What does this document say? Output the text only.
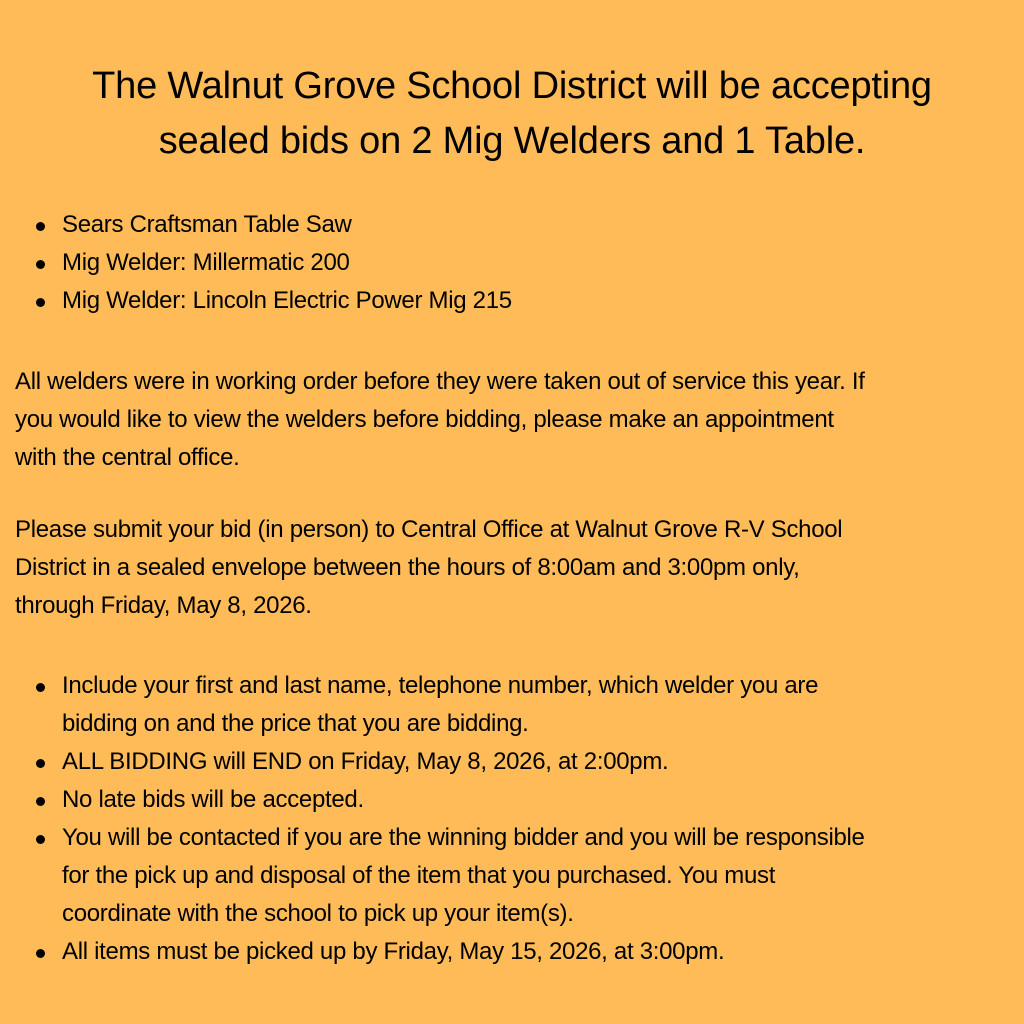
The Walnut Grove School District will be accepting
sealed bids on 2 Mig Welders and 1 Table.
Sears Craftsman Table Saw
Mig Welder: Millermatic 200
Mig Welder: Lincoln Electric Power Mig 215

All welders were in working order before they were taken out of service this year. If
you would like to view the welders before bidding, please make an appointment
with the central office.

Please submit your bid (in person) to Central Office at Walnut Grove R-V School
District in a sealed envelope between the hours of 8:00am and 3:00pm only,
through Friday, May 8, 2026.

Include your first and last name, telephone number, which welder you are
bidding on and the price that you are bidding.
ALL BIDDING will END on Friday, May 8, 2026, at 2:00pm.
No late bids will be accepted.
You will be contacted if you are the winning bidder and you will be responsible
for the pick up and disposal of the item that you purchased. You must
coordinate with the school to pick up your item(s).
All items must be picked up by Friday, May 15, 2026, at 3:00pm.
